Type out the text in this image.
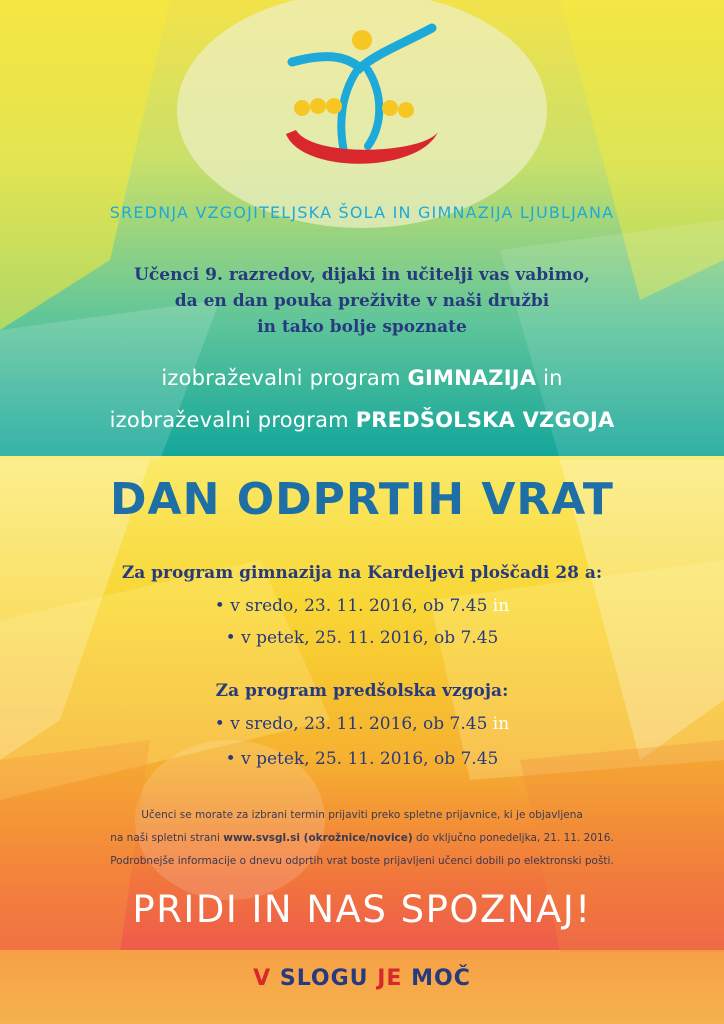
SREDNJA VZGOJITELJSKA ŠOLA IN GIMNAZIJA LJUBLJANA
Učenci 9. razredov, dijaki in učitelji vas vabimo,
da en dan pouka preživite v naši družbi
in tako bolje spoznate
izobraževalni program GIMNAZIJA in
izobraževalni program PREDŠOLSKA VZGOJA
DAN ODPRTIH VRAT
Za program gimnazija na Kardeljevi ploščadi 28 a:
• v sredo, 23. 11. 2016, ob 7.45 in
• v petek, 25. 11. 2016, ob 7.45
Za program predšolska vzgoja:
• v sredo, 23. 11. 2016, ob 7.45 in
• v petek, 25. 11. 2016, ob 7.45
Učenci se morate za izbrani termin prijaviti preko spletne prijavnice, ki je objavljena
na naši spletni strani www.svsgl.si (okrožnice/novice) do vključno ponedeljka, 21. 11. 2016.
Podrobnejše informacije o dnevu odprtih vrat boste prijavljeni učenci dobili po elektronski pošti.
PRIDI IN NAS SPOZNAJ!
V SLOGU JE MOČ
